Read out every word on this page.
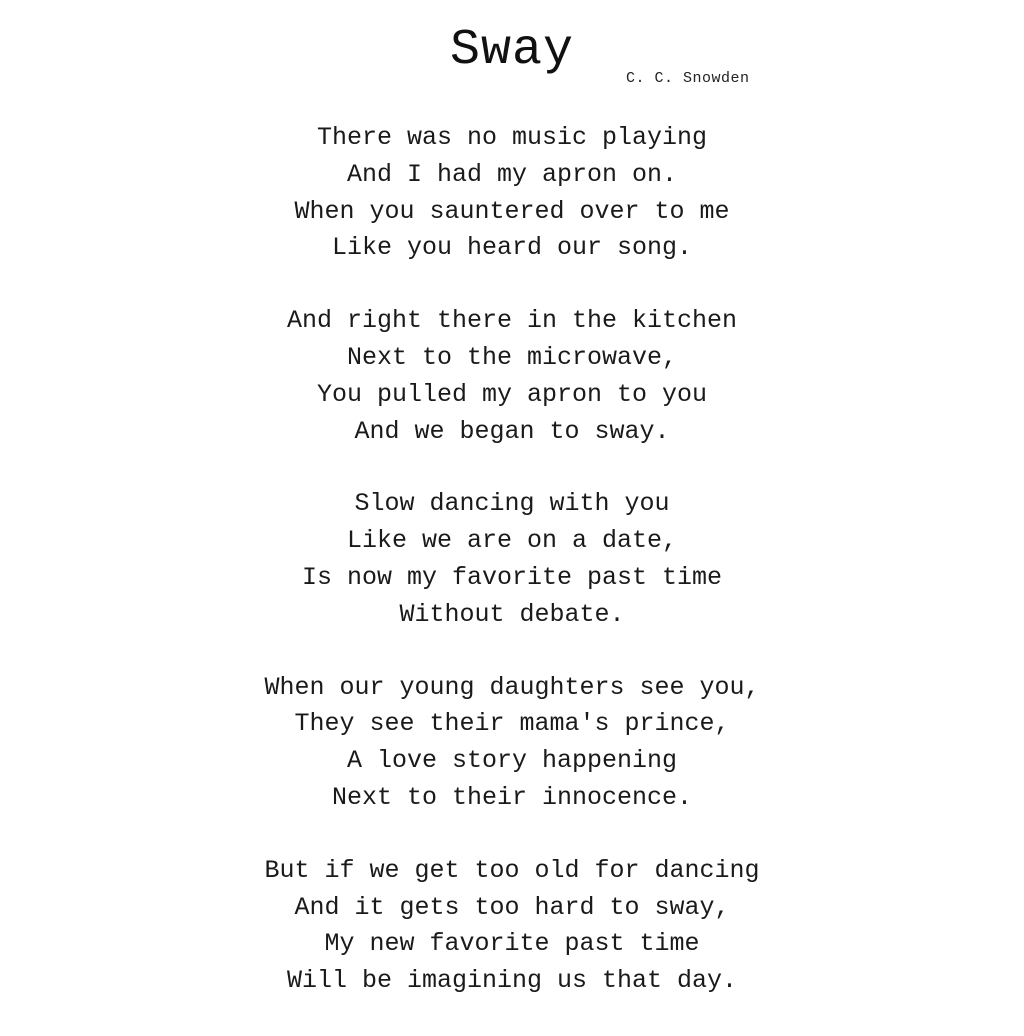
Sway	C. C. Snowden
There was no music playing
And I had my apron on.
When you sauntered over to me
Like you heard our song.
And right there in the kitchen
Next to the microwave,
You pulled my apron to you
And we began to sway.
Slow dancing with you
Like we are on a date,
Is now my favorite past time
Without debate.
When our young daughters see you,
They see their mama's prince,
A love story happening
Next to their innocence.
But if we get too old for dancing
And it gets too hard to sway,
My new favorite past time
Will be imagining us that day.
